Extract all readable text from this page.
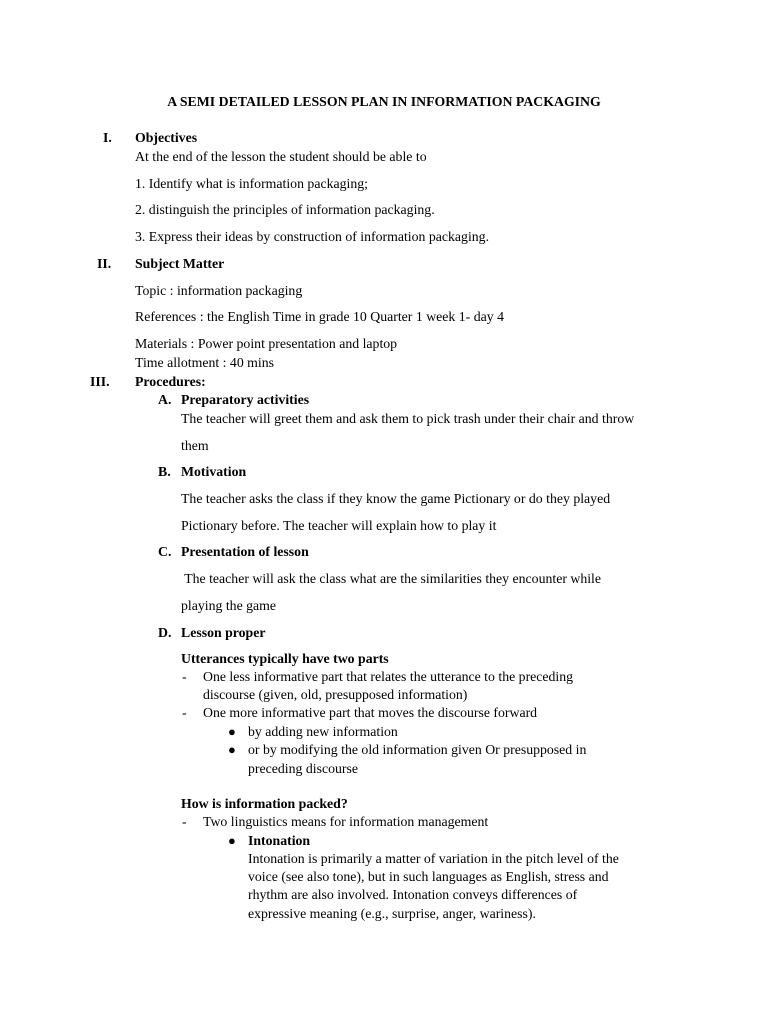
A SEMI DETAILED LESSON PLAN IN INFORMATION PACKAGING
I. Objectives
At the end of the lesson the student should be able to
1. Identify what is information packaging;
2. distinguish the principles of information packaging.
3. Express their ideas by construction of information packaging.
II. Subject Matter
Topic : information packaging
References : the English Time in grade 10 Quarter 1 week 1- day 4
Materials : Power point presentation and laptop
Time allotment : 40 mins
III. Procedures:
A. Preparatory activities
The teacher will greet them and ask them to pick trash under their chair and throw
them
B. Motivation
The teacher asks the class if they know the game Pictionary or do they played
Pictionary before. The teacher will explain how to play it
C. Presentation of lesson
The teacher will ask the class what are the similarities they encounter while
playing the game
D. Lesson proper
Utterances typically have two parts
- One less informative part that relates the utterance to the preceding
discourse (given, old, presupposed information)
- One more informative part that moves the discourse forward
● by adding new information
● or by modifying the old information given Or presupposed in
preceding discourse
How is information packed?
- Two linguistics means for information management
● Intonation
Intonation is primarily a matter of variation in the pitch level of the
voice (see also tone), but in such languages as English, stress and
rhythm are also involved. Intonation conveys differences of
expressive meaning (e.g., surprise, anger, wariness).
